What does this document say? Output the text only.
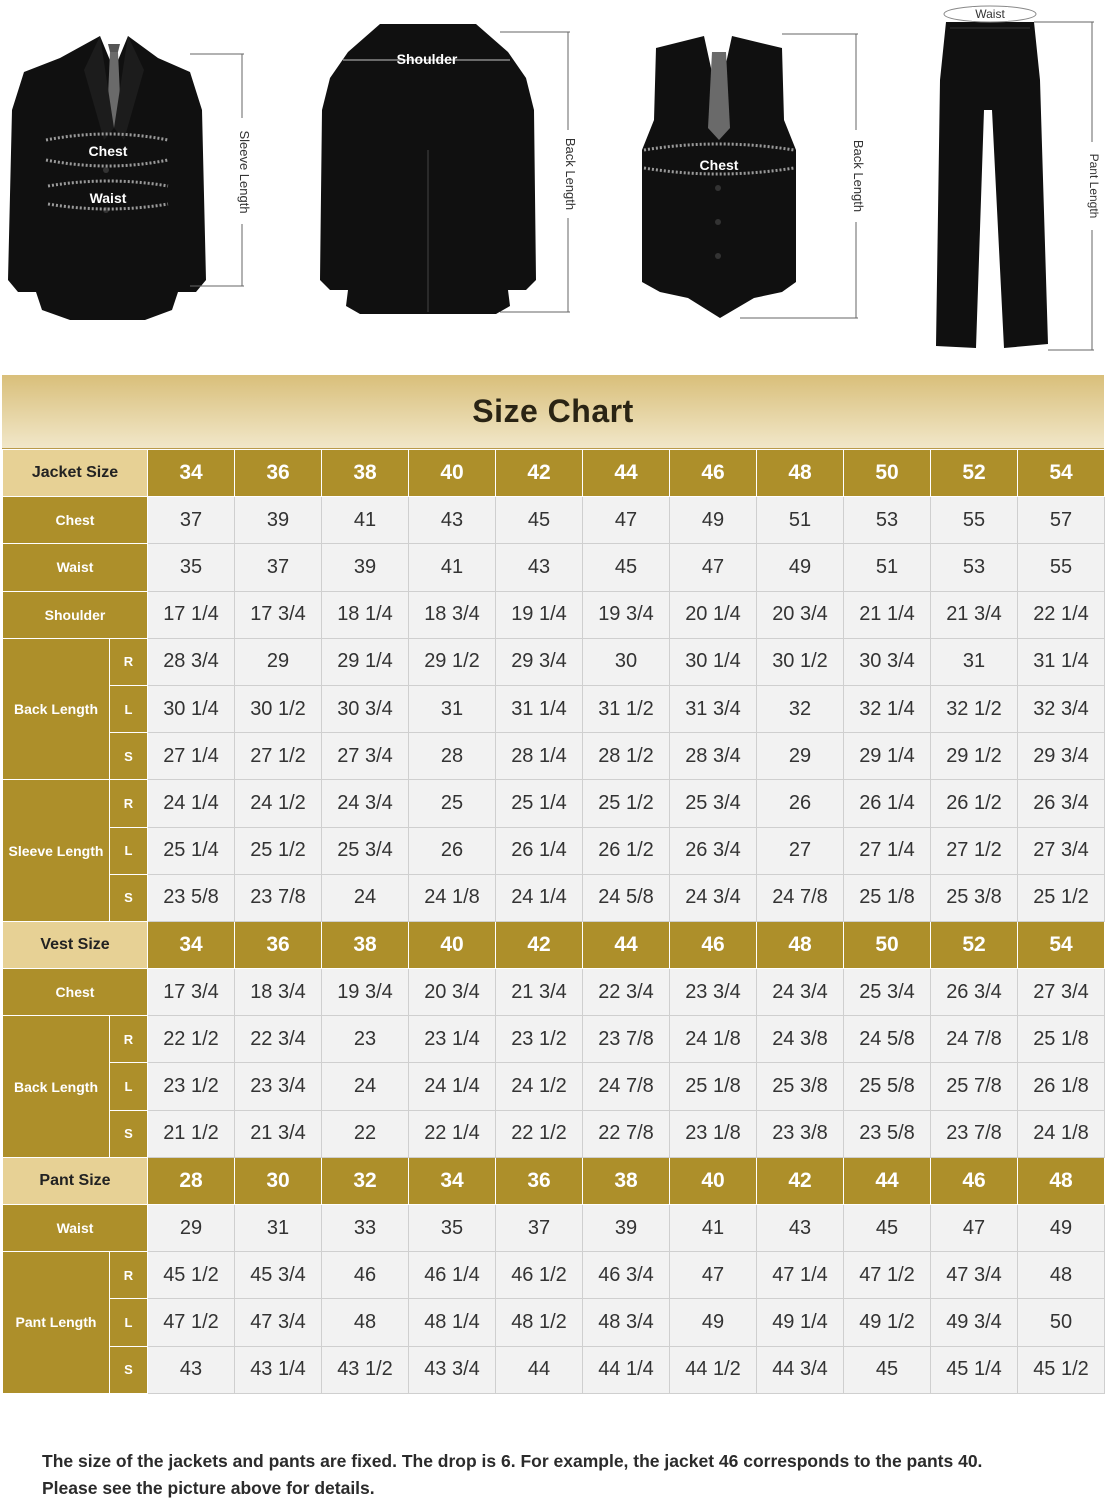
Chest
Waist	Sleeve Length
Shoulder
Back Length	Chest	Back Length
Waist
Pant Length
Size Chart
Jacket Size		34	36	38	40	42	44	46	48	50	52	54
Chest		37	39	41	43	45	47	49	51	53	55	57
Waist		35	37	39	41	43	45	47	49	51	53	55
Shoulder		17 1/4	17 3/4	18 1/4	18 3/4	19 1/4	19 3/4	20 1/4	20 3/4	21 1/4	21 3/4	22 1/4
Back Length	R	28 3/4	29	29 1/4	29 1/2	29 3/4	30	30 1/4	30 1/2	30 3/4	31	31 1/4
	L	30 1/4	30 1/2	30 3/4	31	31 1/4	31 1/2	31 3/4	32	32 1/4	32 1/2	32 3/4
	S	27 1/4	27 1/2	27 3/4	28	28 1/4	28 1/2	28 3/4	29	29 1/4	29 1/2	29 3/4
Sleeve Length	R	24 1/4	24 1/2	24 3/4	25	25 1/4	25 1/2	25 3/4	26	26 1/4	26 1/2	26 3/4
	L	25 1/4	25 1/2	25 3/4	26	26 1/4	26 1/2	26 3/4	27	27 1/4	27 1/2	27 3/4
	S	23 5/8	23 7/8	24	24 1/8	24 1/4	24 5/8	24 3/4	24 7/8	25 1/8	25 3/8	25 1/2
Vest Size		34	36	38	40	42	44	46	48	50	52	54
Chest		17 3/4	18 3/4	19 3/4	20 3/4	21 3/4	22 3/4	23 3/4	24 3/4	25 3/4	26 3/4	27 3/4
Back Length	R	22 1/2	22 3/4	23	23 1/4	23 1/2	23 7/8	24 1/8	24 3/8	24 5/8	24 7/8	25 1/8
	L	23 1/2	23 3/4	24	24 1/4	24 1/2	24 7/8	25 1/8	25 3/8	25 5/8	25 7/8	26 1/8
	S	21 1/2	21 3/4	22	22 1/4	22 1/2	22 7/8	23 1/8	23 3/8	23 5/8	23 7/8	24 1/8
Pant Size		28	30	32	34	36	38	40	42	44	46	48
Waist		29	31	33	35	37	39	41	43	45	47	49
Pant Length	R	45 1/2	45 3/4	46	46 1/4	46 1/2	46 3/4	47	47 1/4	47 1/2	47 3/4	48
	L	47 1/2	47 3/4	48	48 1/4	48 1/2	48 3/4	49	49 1/4	49 1/2	49 3/4	50
	S	43	43 1/4	43 1/2	43 3/4	44	44 1/4	44 1/2	44 3/4	45	45 1/4	45 1/2
The size of the jackets and pants are fixed. The drop is 6. For example, the jacket 46 corresponds to the pants 40.
Please see the picture above for details.
